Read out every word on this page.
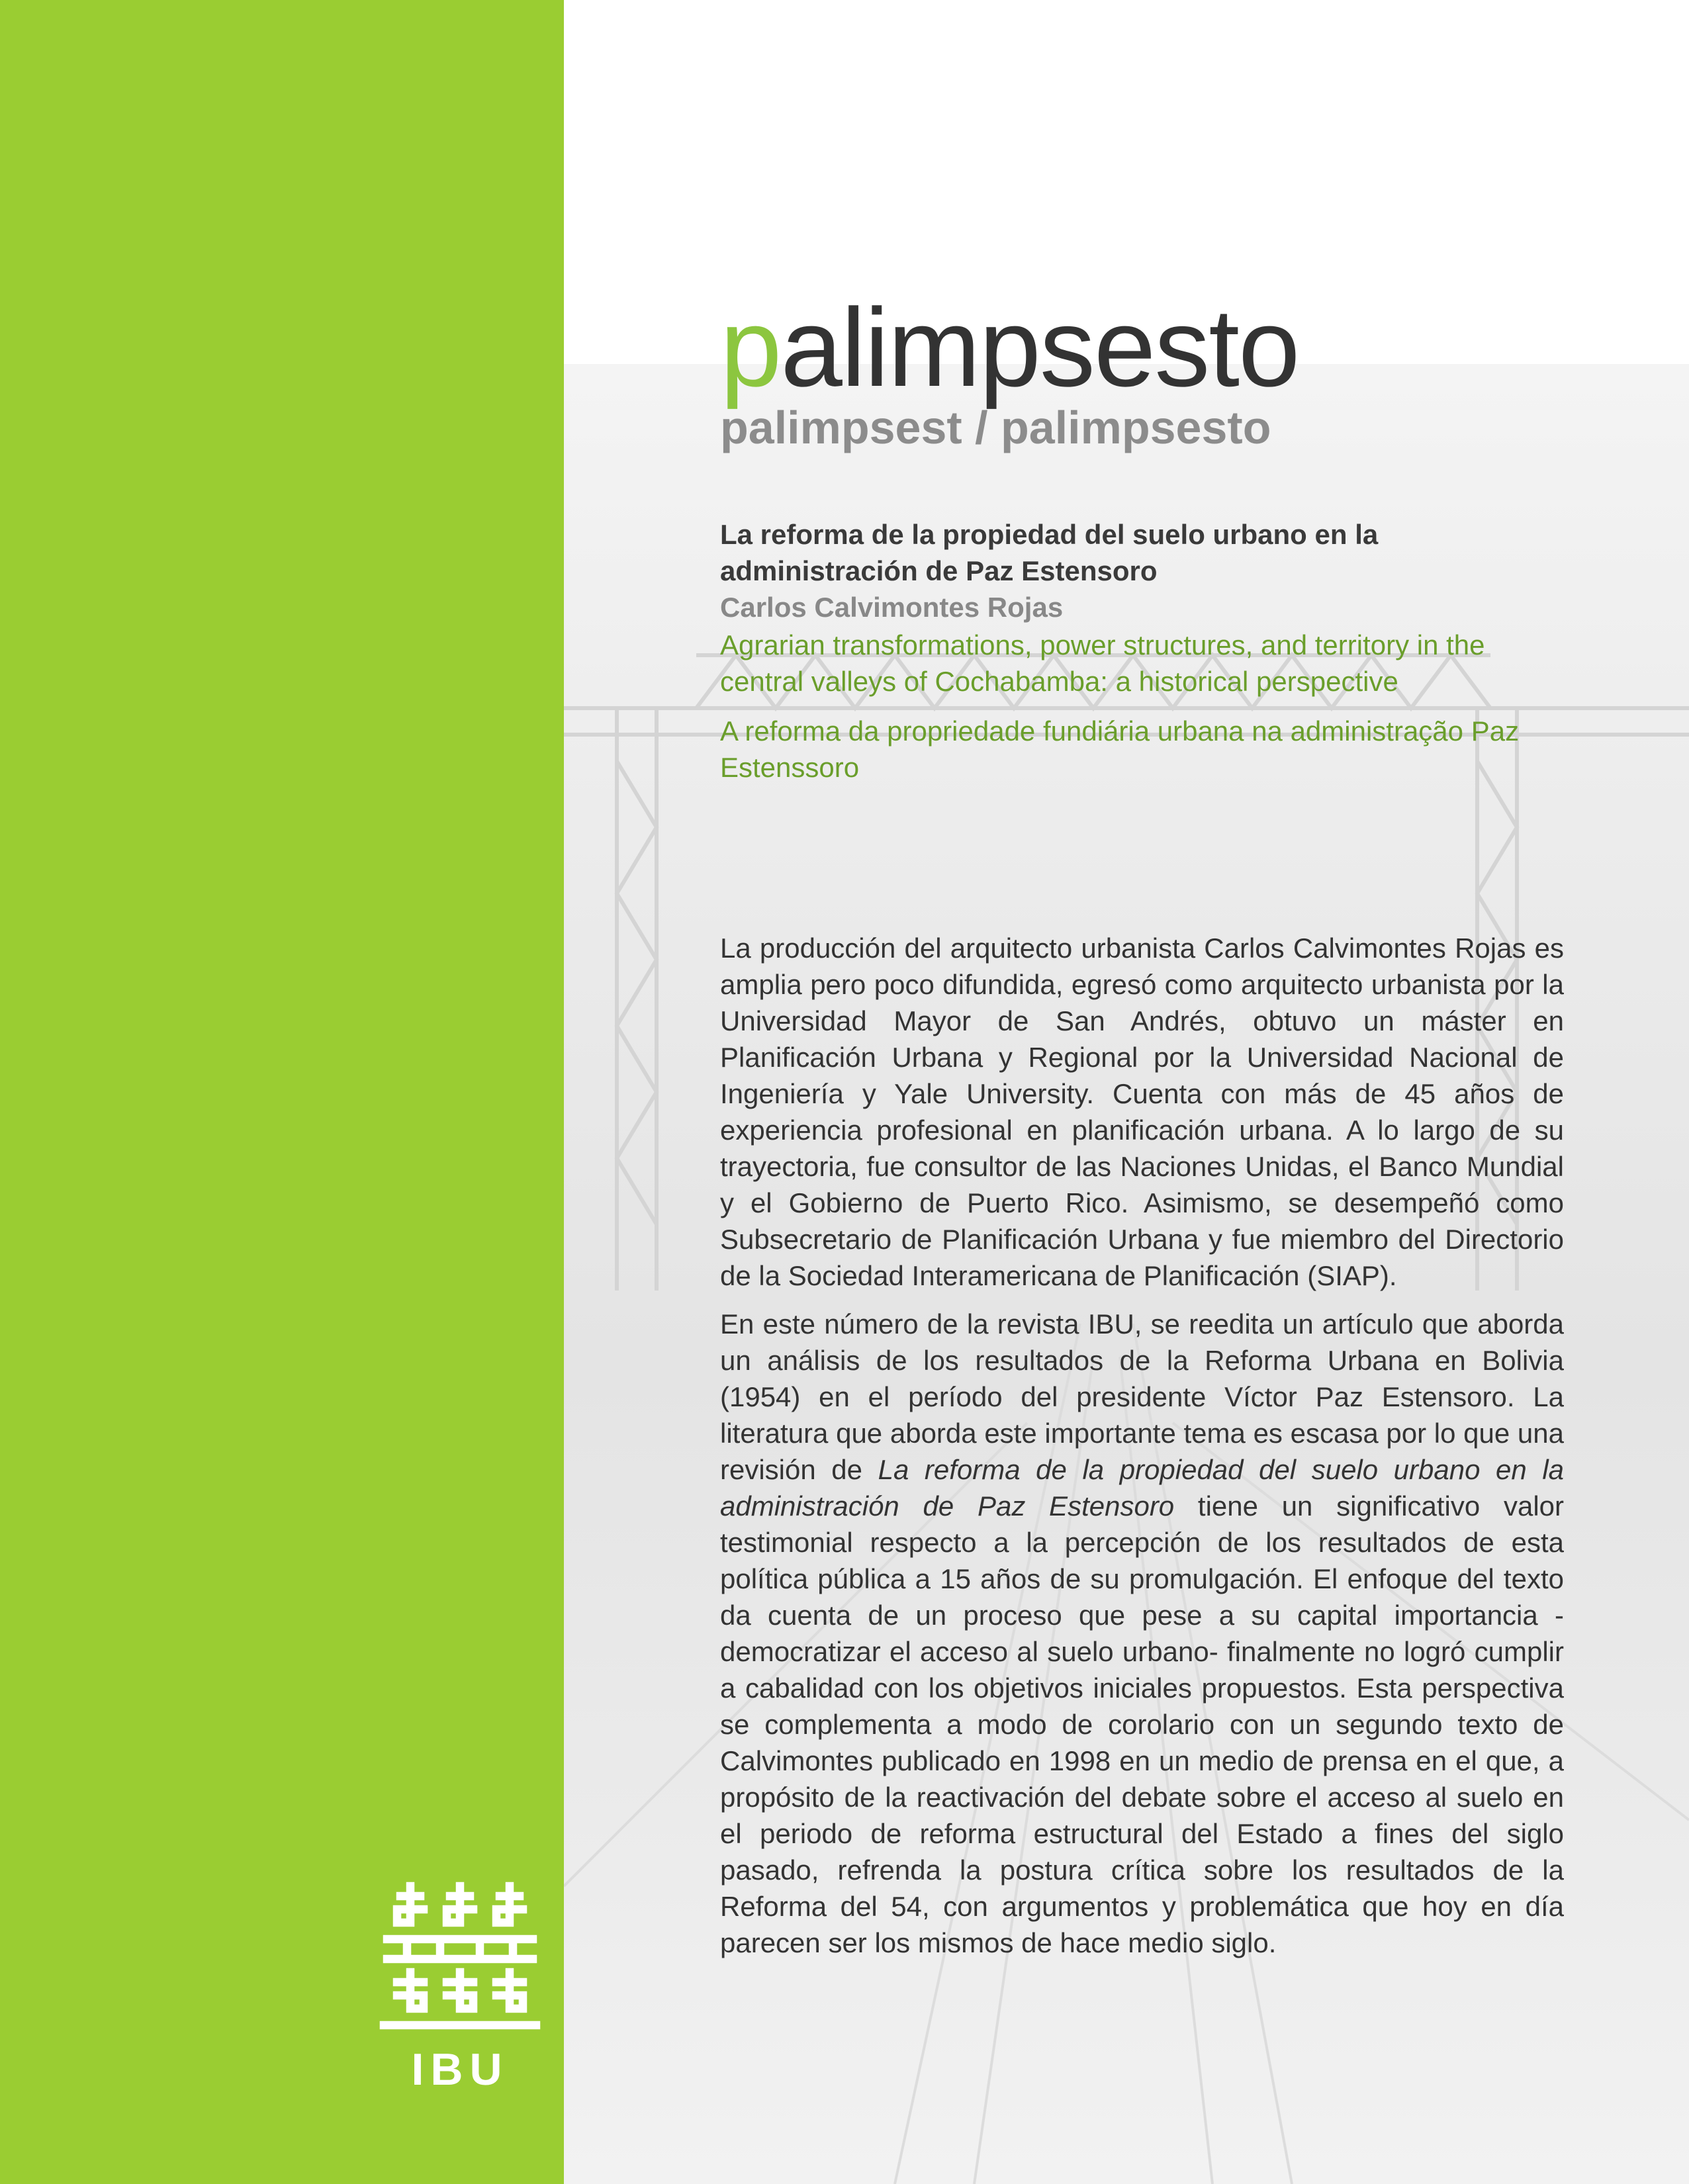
IBU
palimpsesto
palimpsest / palimpsesto
La reforma de la propiedad del suelo urbano en la administración de Paz Estensoro
Carlos Calvimontes Rojas
Agrarian transformations, power structures, and territory in the central valleys of Cochabamba: a historical perspective
A reforma da propriedade fundiária urbana na administração Paz Estenssoro

La producción del arquitecto urbanista Carlos Calvimontes Rojas es amplia pero poco difundida, egresó como arquitecto urbanista por la Universidad Mayor de San Andrés, obtuvo un máster en Planificación Urbana y Regional por la Universidad Nacional de Ingeniería y Yale University. Cuenta con más de 45 años de experiencia profesional en planificación urbana. A lo largo de su trayectoria, fue consultor de las Naciones Unidas, el Banco Mundial y el Gobierno de Puerto Rico. Asimismo, se desempeñó como Subsecretario de Planificación Urbana y fue miembro del Directorio de la Sociedad Interamericana de Planificación (SIAP).

En este número de la revista IBU, se reedita un artículo que aborda un análisis de los resultados de la Reforma Urbana en Bolivia (1954) en el período del presidente Víctor Paz Estensoro. La literatura que aborda este importante tema es escasa por lo que una revisión de La reforma de la propiedad del suelo urbano en la administración de Paz Estensoro tiene un significativo valor testimonial respecto a la percepción de los resultados de esta política pública a 15 años de su promulgación. El enfoque del texto da cuenta de un proceso que pese a su capital importancia - democratizar el acceso al suelo urbano- finalmente no logró cumplir a cabalidad con los objetivos iniciales propuestos. Esta perspectiva se complementa a modo de corolario con un segundo texto de Calvimontes publicado en 1998 en un medio de prensa en el que, a propósito de la reactivación del debate sobre el acceso al suelo en el periodo de reforma estructural del Estado a fines del siglo pasado, refrenda la postura crítica sobre los resultados de la Reforma del 54, con argumentos y problemática que hoy en día parecen ser los mismos de hace medio siglo.
